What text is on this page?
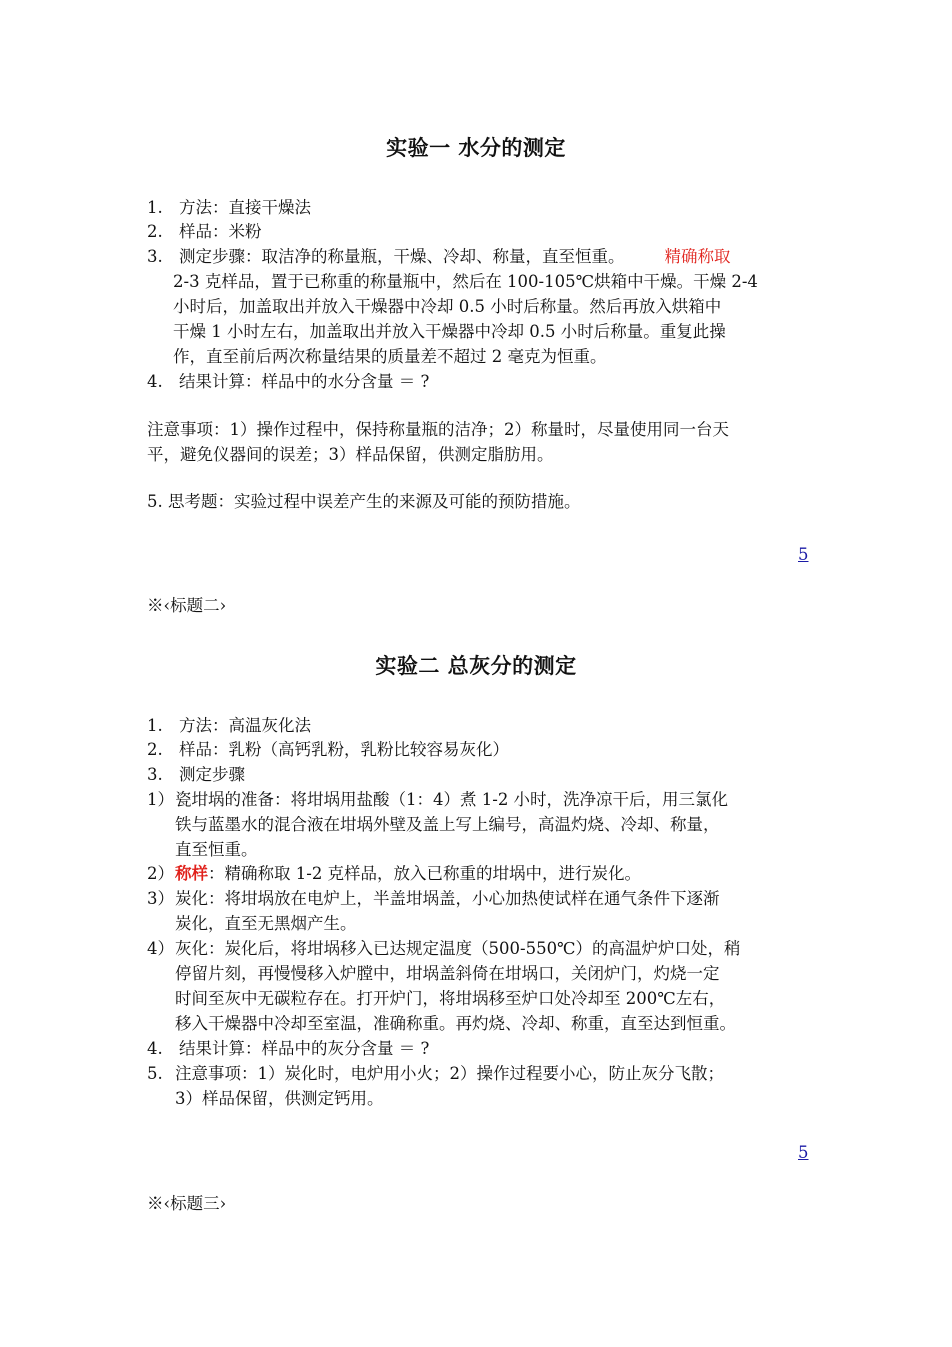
实验一 水分的测定
1. 方法：直接干燥法
2. 样品：米粉
3. 测定步骤：取洁净的称量瓶，干燥、冷却、称量，直至恒重。 精确称取
2-3 克样品，置于已称重的称量瓶中，然后在 100-105℃烘箱中干燥。干燥 2-4
小时后，加盖取出并放入干燥器中冷却 0.5 小时后称量。然后再放入烘箱中
干燥 1 小时左右，加盖取出并放入干燥器中冷却 0.5 小时后称量。重复此操
作，直至前后两次称量结果的质量差不超过 2 毫克为恒重。
4. 结果计算：样品中的水分含量 ＝ ?
注意事项：1）操作过程中，保持称量瓶的洁净；2）称量时，尽量使用同一台天
平，避免仪器间的误差；3）样品保留，供测定脂肪用。
5. 思考题：实验过程中误差产生的来源及可能的预防措施。
5
※‹标题二›
实验二 总灰分的测定
1. 方法：高温灰化法
2. 样品：乳粉（高钙乳粉，乳粉比较容易灰化）
3. 测定步骤
1）瓷坩埚的准备：将坩埚用盐酸（1：4）煮 1-2 小时，洗净凉干后，用三氯化
铁与蓝墨水的混合液在坩埚外壁及盖上写上编号，高温灼烧、冷却、称量，
直至恒重。
2）称样：精确称取 1-2 克样品，放入已称重的坩埚中，进行炭化。
3）炭化：将坩埚放在电炉上，半盖坩埚盖，小心加热使试样在通气条件下逐渐
炭化，直至无黑烟产生。
4）灰化：炭化后，将坩埚移入已达规定温度（500-550℃）的高温炉炉口处，稍
停留片刻，再慢慢移入炉膛中，坩埚盖斜倚在坩埚口，关闭炉门，灼烧一定
时间至灰中无碳粒存在。打开炉门，将坩埚移至炉口处冷却至 200℃左右，
移入干燥器中冷却至室温，准确称重。再灼烧、冷却、称重，直至达到恒重。
4. 结果计算：样品中的灰分含量 ＝ ?
5. 注意事项：1）炭化时，电炉用小火；2）操作过程要小心，防止灰分飞散；
3）样品保留，供测定钙用。
5
※‹标题三›
